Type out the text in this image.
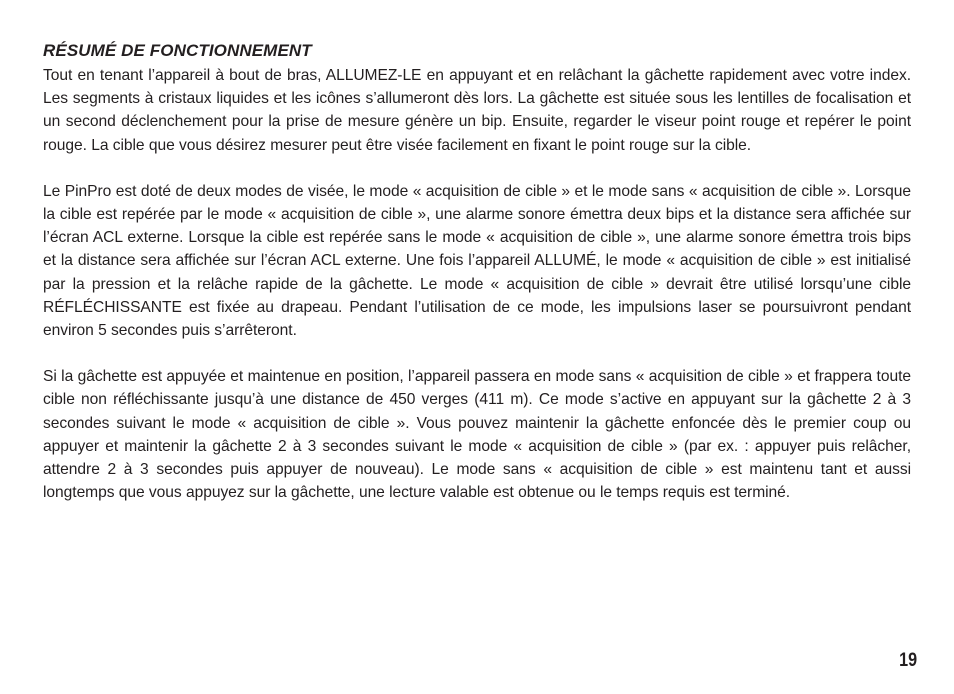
RÉSUMÉ DE FONCTIONNEMENT

Tout en tenant l’appareil à bout de bras, ALLUMEZ-LE en appuyant et en relâchant la gâchette rapidement avec votre index. Les segments à cristaux liquides et les icônes s’allumeront dès lors. La gâchette est située sous les lentilles de focalisation et un second déclenchement pour la prise de mesure génère un bip. Ensuite, regarder le viseur point rouge et repérer le point rouge. La cible que vous désirez mesurer peut être visée facilement en fixant le point rouge sur la cible.

Le PinPro est doté de deux modes de visée, le mode « acquisition de cible » et le mode sans « acquisition de cible ». Lorsque la cible est repérée par le mode « acquisition de cible », une alarme sonore émettra deux bips et la distance sera affichée sur l’écran ACL externe. Lorsque la cible est repérée sans le mode « acquisition de cible », une alarme sonore émettra trois bips et la distance sera affichée sur l’écran ACL externe. Une fois l’appareil ALLUMÉ, le mode « acquisition de cible » est initialisé par la pression et la relâche rapide de la gâchette. Le mode « acquisition de cible » devrait être utilisé lorsqu’une cible RÉFLÉCHISSANTE est fixée au drapeau. Pendant l’utilisation de ce mode, les impulsions laser se poursuivront pendant environ 5 secondes puis s’arrêteront.

Si la gâchette est appuyée et maintenue en position, l’appareil passera en mode sans « acquisition de cible » et frappera toute cible non réfléchissante jusqu’à une distance de 450 verges (411 m). Ce mode s’active en appuyant sur la gâchette 2 à 3 secondes suivant le mode « acquisition de cible ». Vous pouvez maintenir la gâchette enfoncée dès le premier coup ou appuyer et maintenir la gâchette 2 à 3 secondes suivant le mode « acquisition de cible » (par ex. : appuyer puis relâcher, attendre 2 à 3 secondes puis appuyer de nouveau). Le mode sans « acquisition de cible » est maintenu tant et aussi longtemps que vous appuyez sur la gâchette, une lecture valable est obtenue ou le temps requis est terminé.

19
